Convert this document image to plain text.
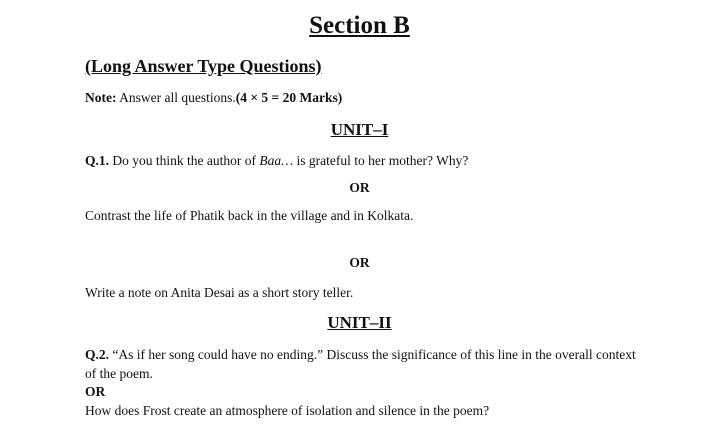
Section B
(Long Answer Type Questions)
Note: Answer all questions.(4 × 5 = 20 Marks)
UNIT–I
Q.1. Do you think the author of Baa… is grateful to her mother? Why?
OR
Contrast the life of Phatik back in the village and in Kolkata.
OR
Write a note on Anita Desai as a short story teller.
UNIT–II
Q.2. “As if her song could have no ending.” Discuss the significance of this line in the overall context of the poem.
OR
How does Frost create an atmosphere of isolation and silence in the poem?
